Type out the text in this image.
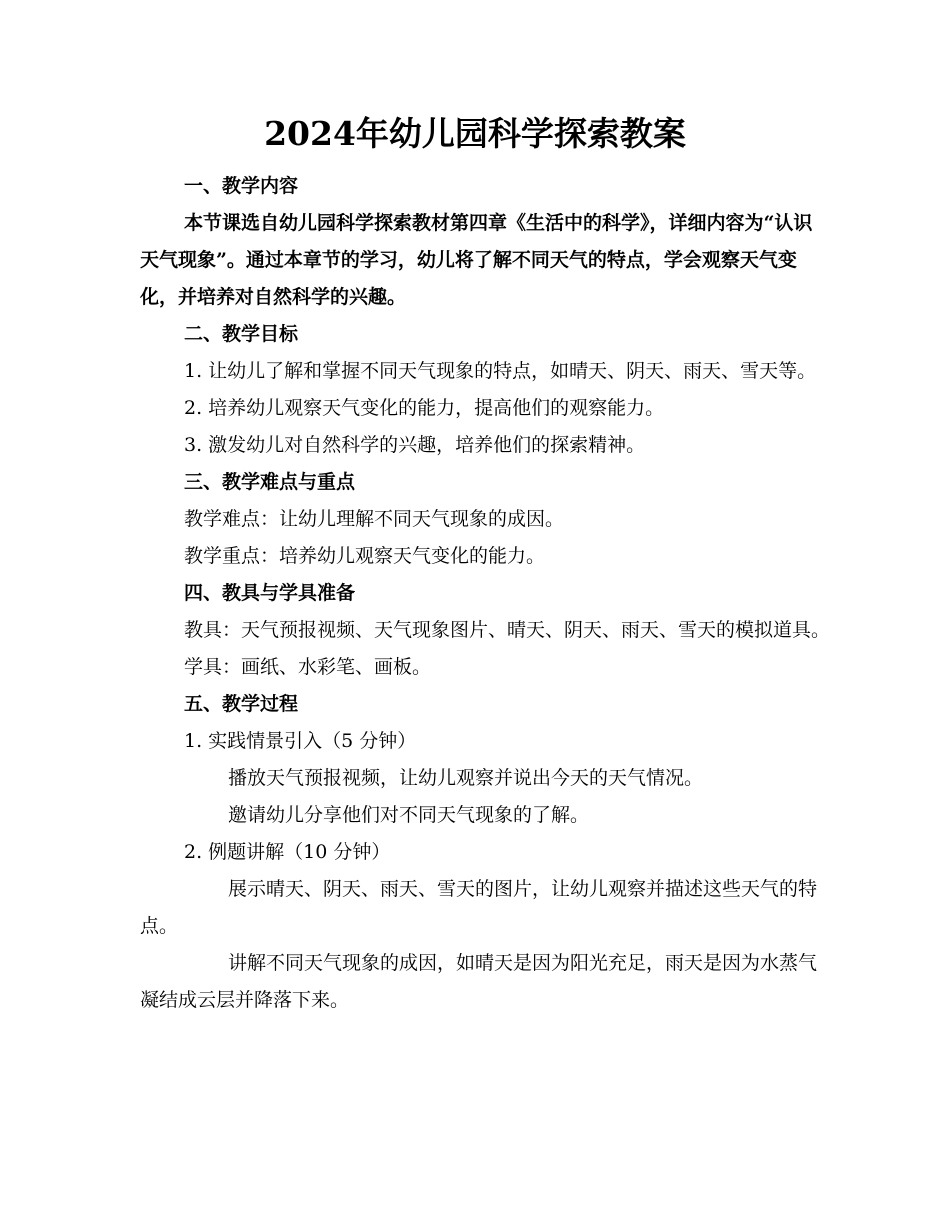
2024年幼儿园科学探索教案

一、教学内容

本节课选自幼儿园科学探索教材第四章《生活中的科学》，详细内容为“认识天气现象”。通过本章节的学习，幼儿将了解不同天气的特点，学会观察天气变化，并培养对自然科学的兴趣。

二、教学目标

1. 让幼儿了解和掌握不同天气现象的特点，如晴天、阴天、雨天、雪天等。

2. 培养幼儿观察天气变化的能力，提高他们的观察能力。

3. 激发幼儿对自然科学的兴趣，培养他们的探索精神。

三、教学难点与重点

教学难点：让幼儿理解不同天气现象的成因。

教学重点：培养幼儿观察天气变化的能力。

四、教具与学具准备

教具：天气预报视频、天气现象图片、晴天、阴天、雨天、雪天的模拟道具。

学具：画纸、水彩笔、画板。

五、教学过程

1. 实践情景引入（5 分钟）

播放天气预报视频，让幼儿观察并说出今天的天气情况。

邀请幼儿分享他们对不同天气现象的了解。

2. 例题讲解（10 分钟）

展示晴天、阴天、雨天、雪天的图片，让幼儿观察并描述这些天气的特点。

讲解不同天气现象的成因，如晴天是因为阳光充足，雨天是因为水蒸气凝结成云层并降落下来。
